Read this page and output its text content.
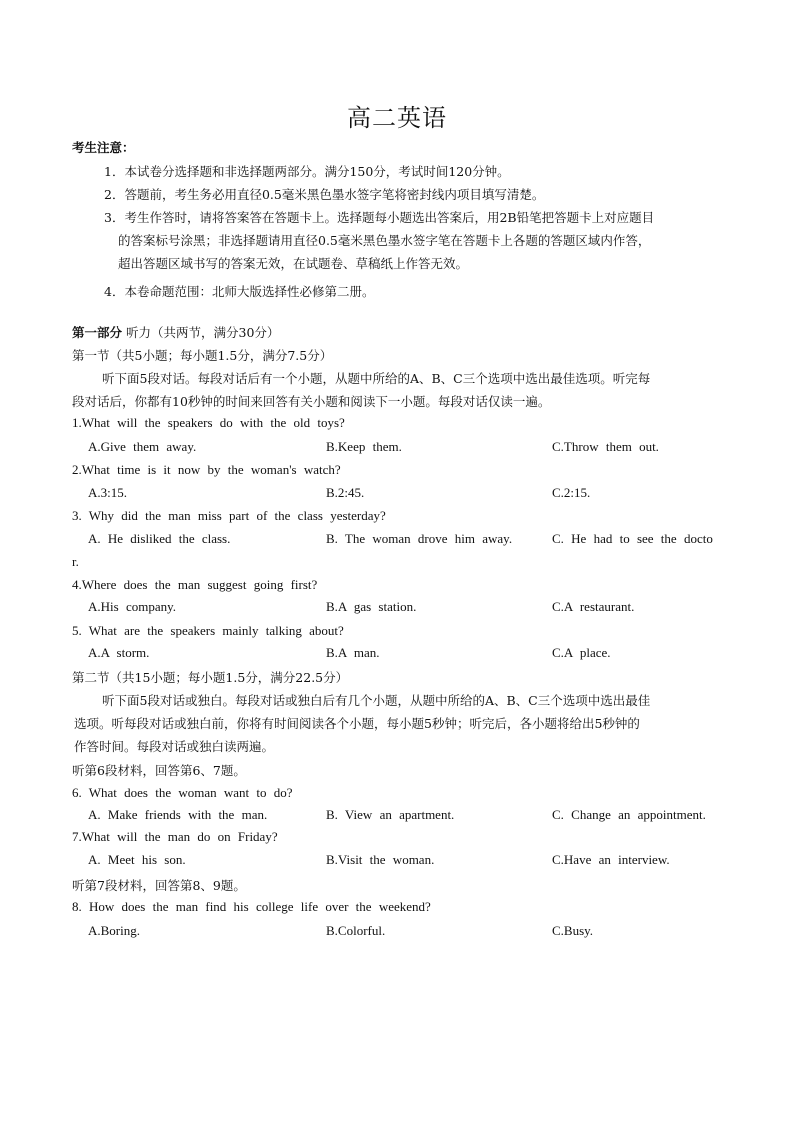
高二英语
考生注意：
1．本试卷分选择题和非选择题两部分。满分150分，考试时间120分钟。
2．答题前，考生务必用直径0.5毫米黑色墨水签字笔将密封线内项目填写清楚。
3．考生作答时，请将答案答在答题卡上。选择题每小题选出答案后，用2B铅笔把答题卡上对应题目
的答案标号涂黑；非选择题请用直径0.5毫米黑色墨水签字笔在答题卡上各题的答题区域内作答，
超出答题区域书写的答案无效，在试题卷、草稿纸上作答无效。
4．本卷命题范围：北师大版选择性必修第二册。
第一部分 听力（共两节，满分30分）
第一节（共5小题；每小题1.5分，满分7.5分）
听下面5段对话。每段对话后有一个小题，从题中所给的A、B、C三个选项中选出最佳选项。听完每
段对话后，你都有10秒钟的时间来回答有关小题和阅读下一小题。每段对话仅读一遍。
1.What will the speakers do with the old toys?
A.Give them away.	B.Keep them.	C.Throw them out.
2.What time is it now by the woman's watch?
A.3:15.	B.2:45.	C.2:15.
3. Why did the man miss part of the class yesterday?
A. He disliked the class.	B. The woman drove him away.	C. He had to see the docto
r.
4.Where does the man suggest going first?
A.His company.	B.A gas station.	C.A restaurant.
5. What are the speakers mainly talking about?
A.A storm.	B.A man.	C.A place.
第二节（共15小题；每小题1.5分，满分22.5分）
听下面5段对话或独白。每段对话或独白后有几个小题，从题中所给的A、B、C三个选项中选出最佳
选项。听每段对话或独白前，你将有时间阅读各个小题，每小题5秒钟；听完后，各小题将给出5秒钟的
作答时间。每段对话或独白读两遍。
听第6段材料，回答第6、7题。
6. What does the woman want to do?
A. Make friends with the man.	B. View an apartment.	C. Change an appointment.
7.What will the man do on Friday?
A. Meet his son.	B.Visit the woman.	C.Have an interview.
听第7段材料，回答第8、9题。
8. How does the man find his college life over the weekend?
A.Boring.	B.Colorful.	C.Busy.
